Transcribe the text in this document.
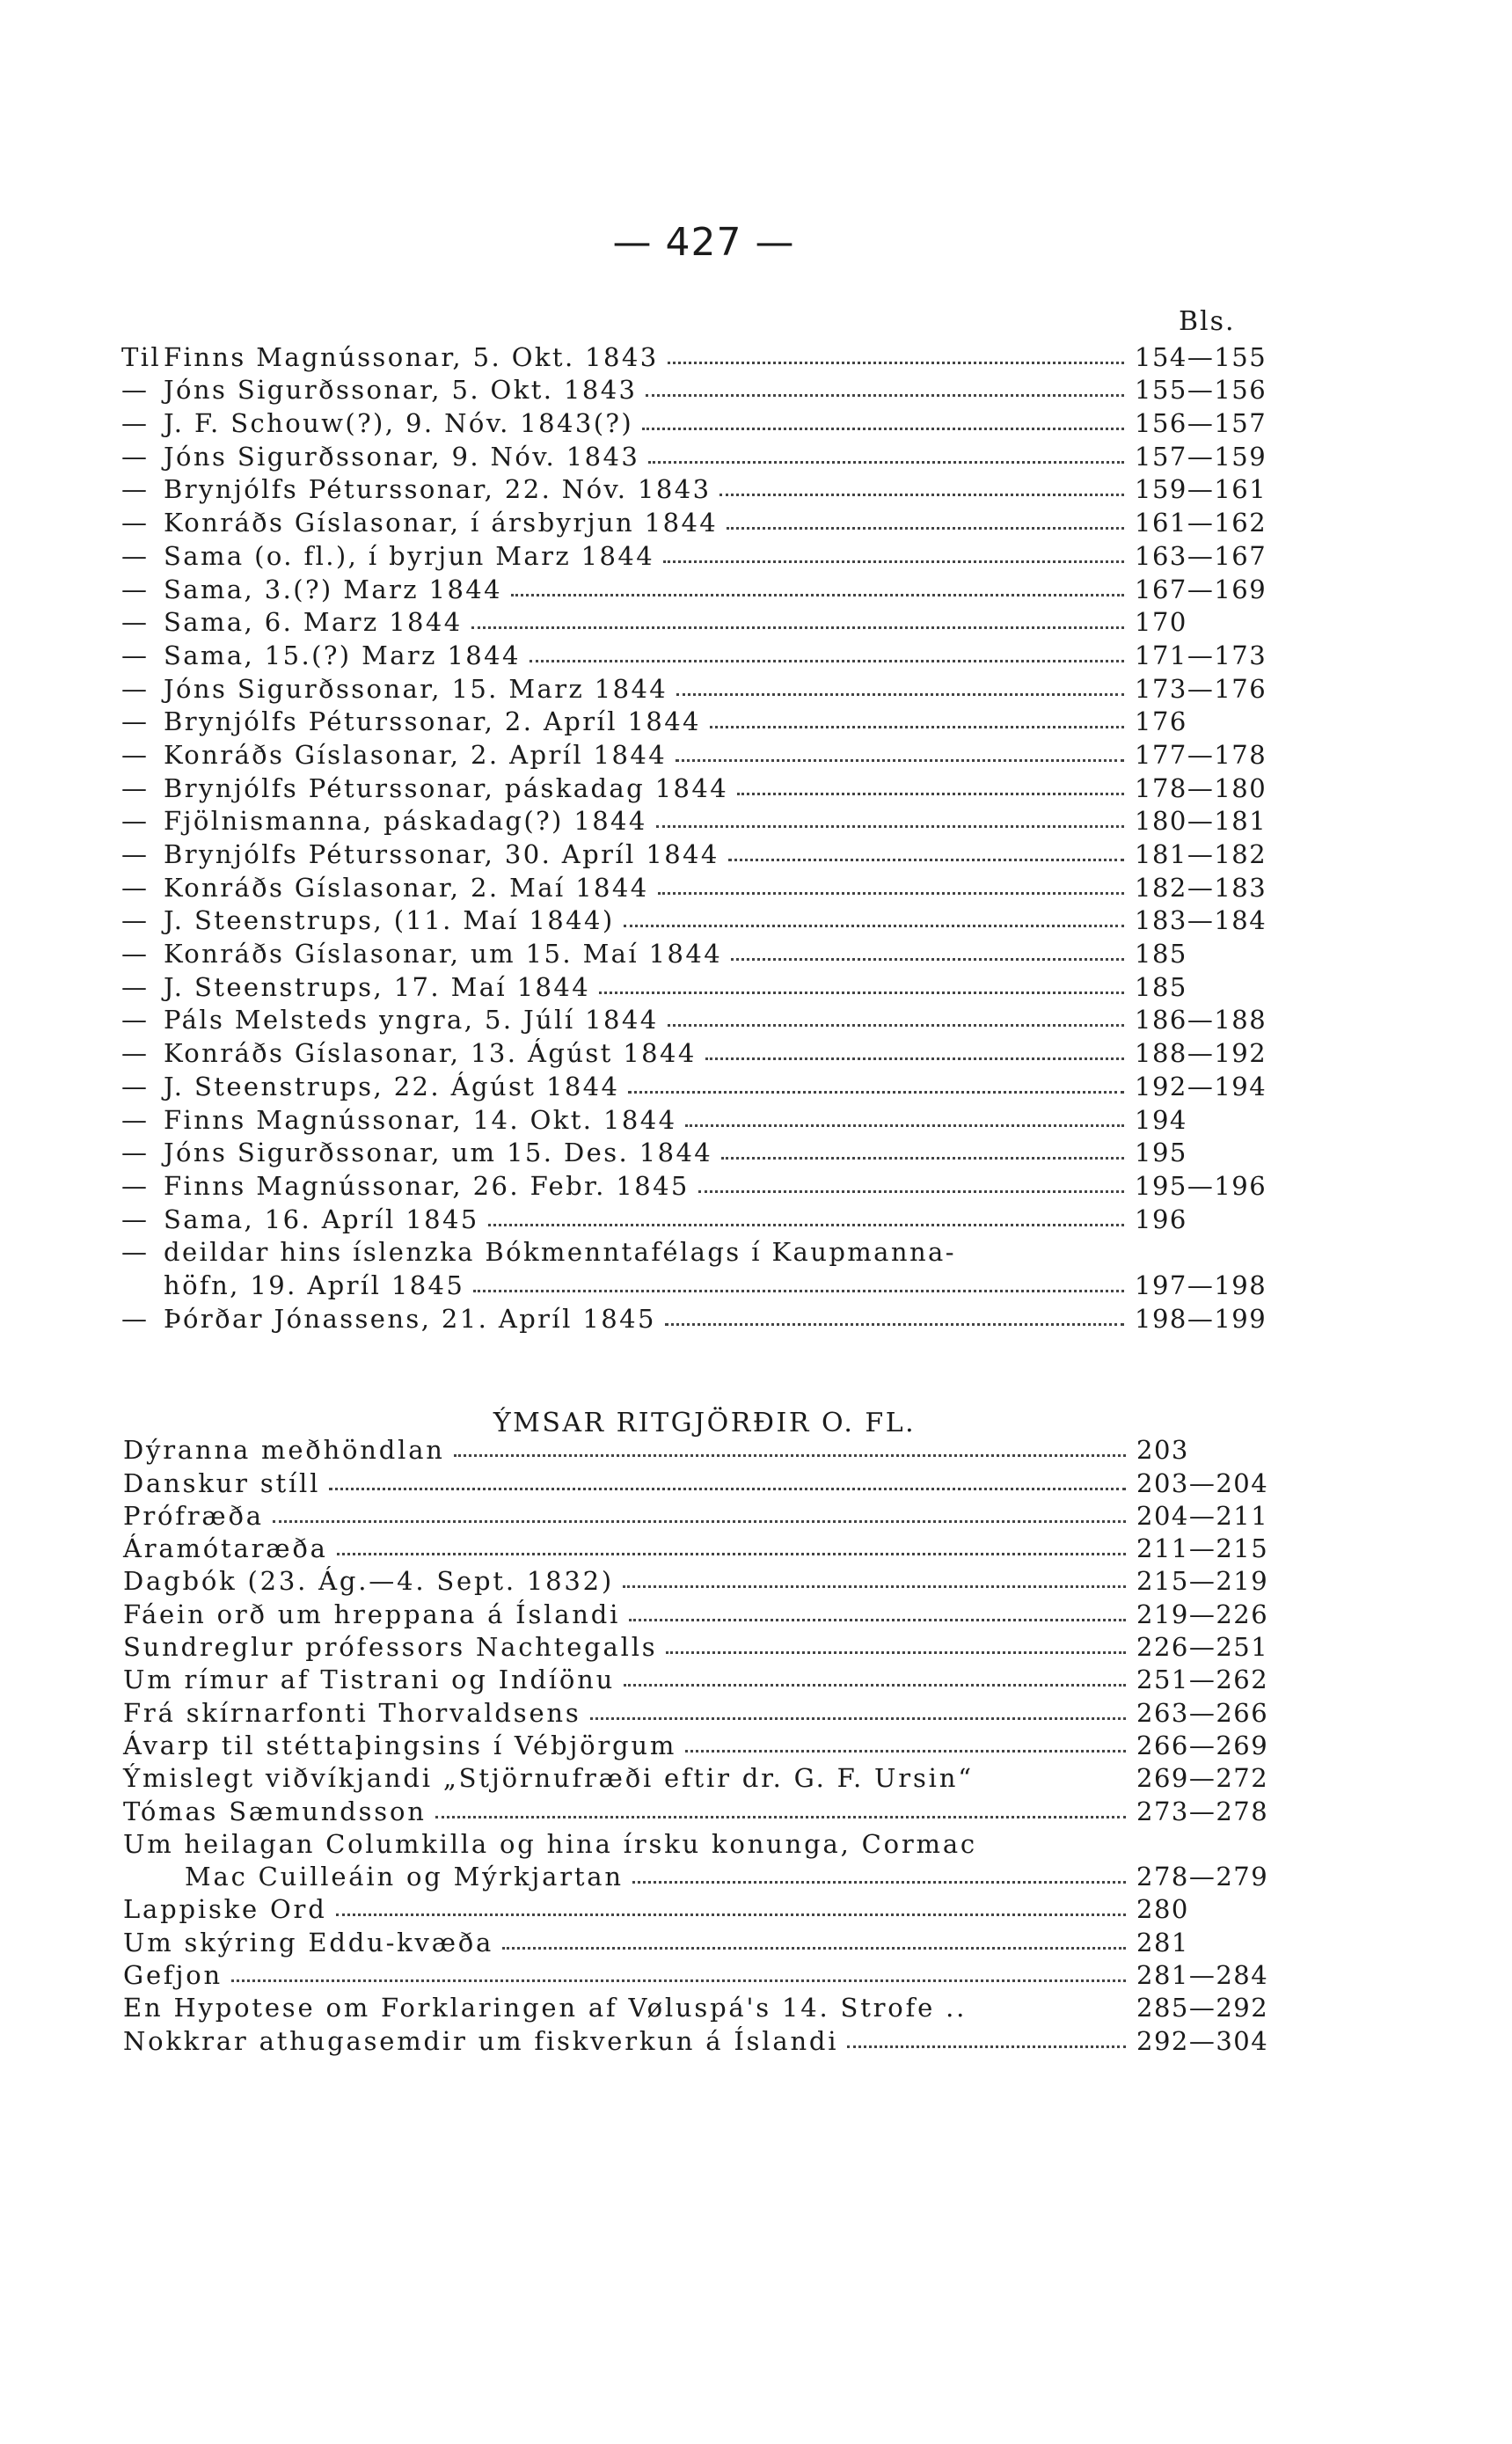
— 427 —
Bls.
Til Finns Magnússonar, 5. Okt. 1843	154—155
— Jóns Sigurðssonar, 5. Okt. 1843	155—156
— J. F. Schouw(?), 9. Nóv. 1843(?)	156—157
— Jóns Sigurðssonar, 9. Nóv. 1843	157—159
— Brynjólfs Péturssonar, 22. Nóv. 1843	159—161
— Konráðs Gíslasonar, í ársbyrjun 1844	161—162
— Sama (o. fl.), í byrjun Marz 1844	163—167
— Sama, 3.(?) Marz 1844	167—169
— Sama, 6. Marz 1844	170
— Sama, 15.(?) Marz 1844	171—173
— Jóns Sigurðssonar, 15. Marz 1844	173—176
— Brynjólfs Péturssonar, 2. Apríl 1844	176
— Konráðs Gíslasonar, 2. Apríl 1844	177—178
— Brynjólfs Péturssonar, páskadag 1844	178—180
— Fjölnismanna, páskadag(?) 1844	180—181
— Brynjólfs Péturssonar, 30. Apríl 1844	181—182
— Konráðs Gíslasonar, 2. Maí 1844	182—183
— J. Steenstrups, (11. Maí 1844)	183—184
— Konráðs Gíslasonar, um 15. Maí 1844	185
— J. Steenstrups, 17. Maí 1844	185
— Páls Melsteds yngra, 5. Júlí 1844	186—188
— Konráðs Gíslasonar, 13. Ágúst 1844	188—192
— J. Steenstrups, 22. Ágúst 1844	192—194
— Finns Magnússonar, 14. Okt. 1844	194
— Jóns Sigurðssonar, um 15. Des. 1844	195
— Finns Magnússonar, 26. Febr. 1845	195—196
— Sama, 16. Apríl 1845	196
— deildar hins íslenzka Bókmenntafélags í Kaupmanna-
höfn, 19. Apríl 1845	197—198
— Þórðar Jónassens, 21. Apríl 1845	198—199
ÝMSAR RITGJÖRÐIR O. FL.
Dýranna meðhöndlan	203
Danskur stíll	203—204
Prófræða	204—211
Áramótaræða	211—215
Dagbók (23. Ág.—4. Sept. 1832)	215—219
Fáein orð um hreppana á Íslandi	219—226
Sundreglur prófessors Nachtegalls	226—251
Um rímur af Tistrani og Indíönu	251—262
Frá skírnarfonti Thorvaldsens	263—266
Ávarp til stéttaþingsins í Vébjörgum	266—269
Ýmislegt viðvíkjandi „Stjörnufræði eftir dr. G. F. Ursin“	269—272
Tómas Sæmundsson	273—278
Um heilagan Columkilla og hina írsku konunga, Cormac
Mac Cuilleáin og Mýrkjartan	278—279
Lappiske Ord	280
Um skýring Eddu-kvæða	281
Gefjon	281—284
En Hypotese om Forklaringen af Vøluspá's 14. Strofe ..	285—292
Nokkrar athugasemdir um fiskverkun á Íslandi	292—304
